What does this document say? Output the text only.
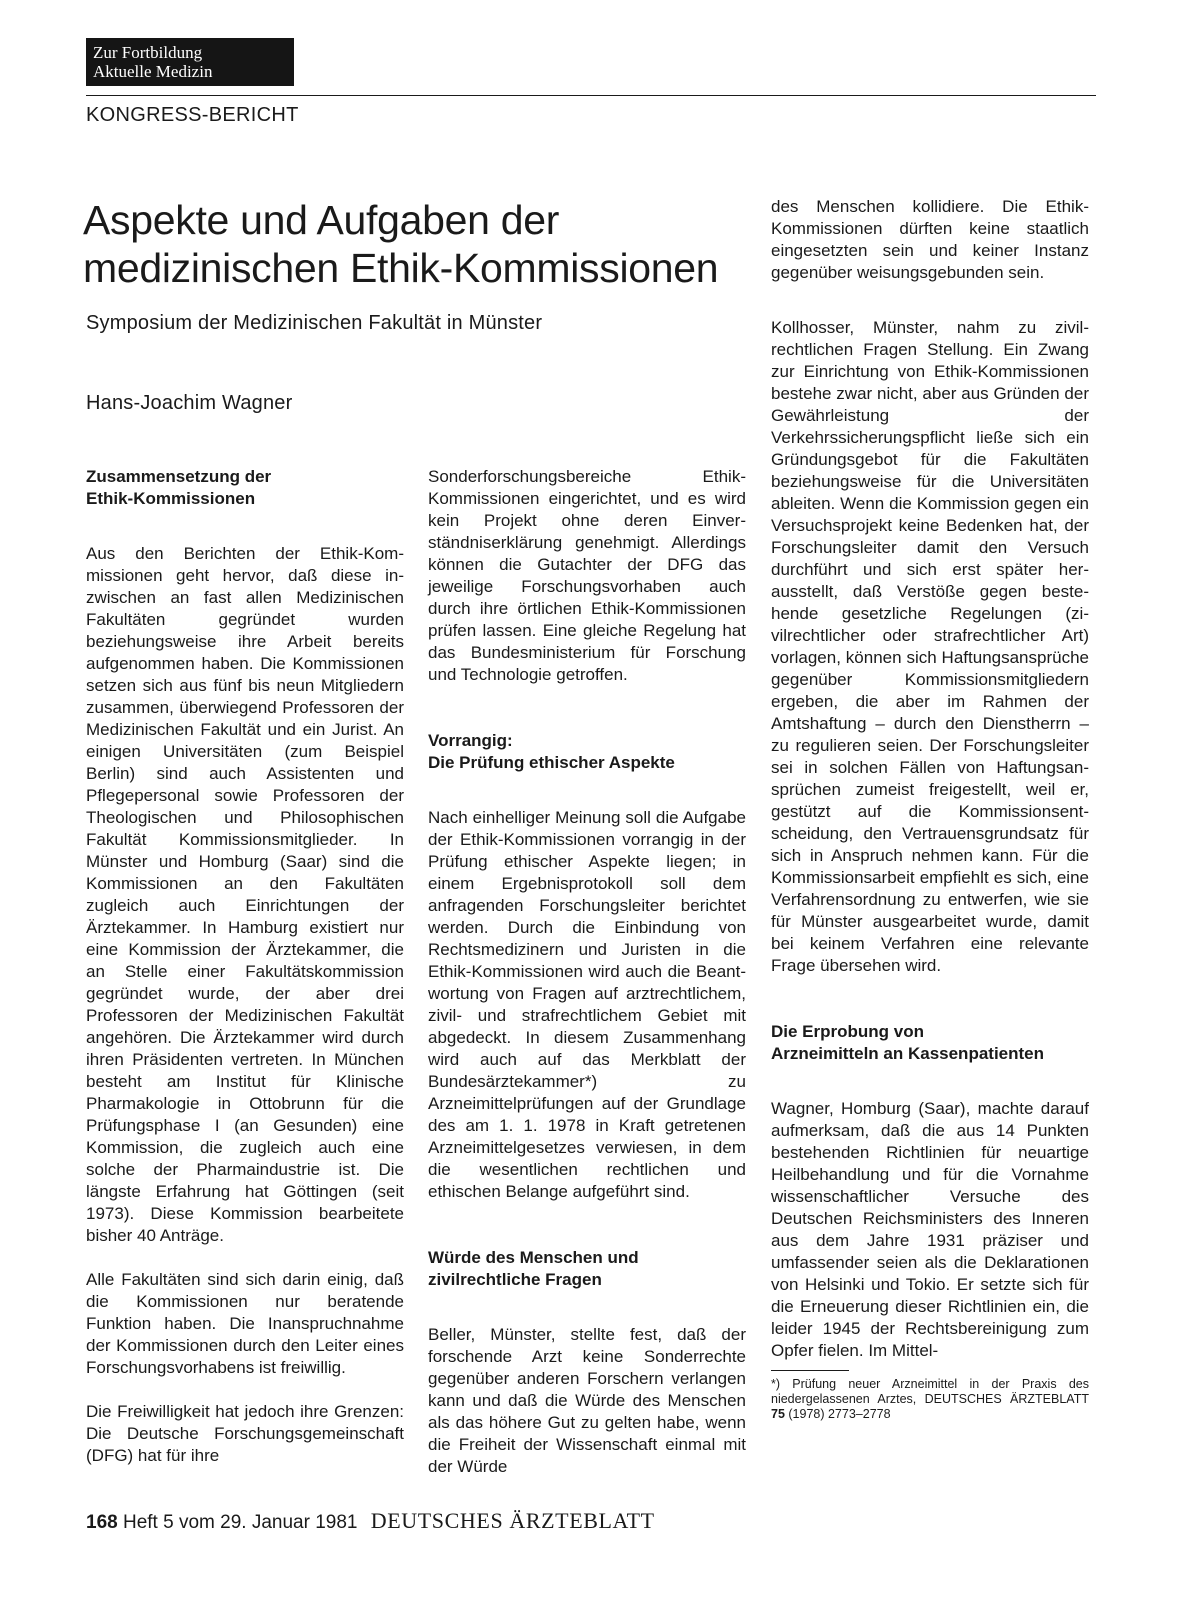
Zur Fortbildung
Aktuelle Medizin
KONGRESS-BERICHT
Aspekte und Aufgaben der
medizinischen Ethik-Kommissionen
Symposium der Medizinischen Fakultät in Münster
Hans-Joachim Wagner
Zusammensetzung der
Ethik-Kommissionen

Aus den Berichten der Ethik-Kommissionen geht hervor, daß diese inzwischen an fast allen Medizinischen Fakultäten gegründet wurden beziehungsweise ihre Arbeit bereits aufgenommen haben. Die Kommissionen setzen sich aus fünf bis neun Mitgliedern zusammen, überwiegend Professoren der Medizinischen Fakultät und ein Jurist. An einigen Universitäten (zum Beispiel Berlin) sind auch Assistenten und Pflegepersonal sowie Professoren der Theologischen und Philosophischen Fakultät Kommissionsmitglieder. In Münster und Homburg (Saar) sind die Kommissionen an den Fakultäten zugleich auch Einrichtungen der Ärztekammer. In Hamburg existiert nur eine Kommission der Ärztekammer, die an Stelle einer Fakultätskommission gegründet wurde, der aber drei Professoren der Medizinischen Fakultät angehören. Die Ärztekammer wird durch ihren Präsidenten vertreten. In München besteht am Institut für Klinische Pharmakologie in Ottobrunn für die Prüfungsphase I (an Gesunden) eine Kommission, die zugleich auch eine solche der Pharmaindustrie ist. Die längste Erfahrung hat Göttingen (seit 1973). Diese Kommission bearbeitete bisher 40 Anträge.

Alle Fakultäten sind sich darin einig, daß die Kommissionen nur beratende Funktion haben. Die Inanspruchnahme der Kommissionen durch den Leiter eines Forschungsvorhabens ist freiwillig.

Die Freiwilligkeit hat jedoch ihre Grenzen: Die Deutsche Forschungsgemeinschaft (DFG) hat für ihre

Sonderforschungsbereiche Ethik-Kommissionen eingerichtet, und es wird kein Projekt ohne deren Einverständniserklärung genehmigt. Allerdings können die Gutachter der DFG das jeweilige Forschungsvorhaben auch durch ihre örtlichen Ethik-Kommissionen prüfen lassen. Eine gleiche Regelung hat das Bundesministerium für Forschung und Technologie getroffen.

Vorrangig:
Die Prüfung ethischer Aspekte

Nach einhelliger Meinung soll die Aufgabe der Ethik-Kommissionen vorrangig in der Prüfung ethischer Aspekte liegen; in einem Ergebnisprotokoll soll dem anfragenden Forschungsleiter berichtet werden. Durch die Einbindung von Rechtsmedizinern und Juristen in die Ethik-Kommissionen wird auch die Beantwortung von Fragen auf arztrechtlichem, zivil- und strafrechtlichem Gebiet mit abgedeckt. In diesem Zusammenhang wird auch auf das Merkblatt der Bundesärztekammer*) zu Arzneimittelprüfungen auf der Grundlage des am 1. 1. 1978 in Kraft getretenen Arzneimittelgesetzes verwiesen, in dem die wesentlichen rechtlichen und ethischen Belange aufgeführt sind.

Würde des Menschen und
zivilrechtliche Fragen

Beller, Münster, stellte fest, daß der forschende Arzt keine Sonderrechte gegenüber anderen Forschern verlangen kann und daß die Würde des Menschen als das höhere Gut zu gelten habe, wenn die Freiheit der Wissenschaft einmal mit der Würde

des Menschen kollidiere. Die Ethik-Kommissionen dürften keine staatlich eingesetzten sein und keiner Instanz gegenüber weisungsgebunden sein.

Kollhosser, Münster, nahm zu zivilrechtlichen Fragen Stellung. Ein Zwang zur Einrichtung von Ethik-Kommissionen bestehe zwar nicht, aber aus Gründen der Gewährleistung der Verkehrssicherungspflicht ließe sich ein Gründungsgebot für die Fakultäten beziehungsweise für die Universitäten ableiten. Wenn die Kommission gegen ein Versuchsprojekt keine Bedenken hat, der Forschungsleiter damit den Versuch durchführt und sich erst später herausstellt, daß Verstöße gegen bestehende gesetzliche Regelungen (zivilrechtlicher oder strafrechtlicher Art) vorlagen, können sich Haftungsansprüche gegenüber Kommissionsmitgliedern ergeben, die aber im Rahmen der Amtshaftung – durch den Dienstherrn – zu regulieren seien. Der Forschungsleiter sei in solchen Fällen von Haftungsansprüchen zumeist freigestellt, weil er, gestützt auf die Kommissionsentscheidung, den Vertrauensgrundsatz für sich in Anspruch nehmen kann. Für die Kommissionsarbeit empfiehlt es sich, eine Verfahrensordnung zu entwerfen, wie sie für Münster ausgearbeitet wurde, damit bei keinem Verfahren eine relevante Frage übersehen wird.

Die Erprobung von
Arzneimitteln an Kassenpatienten

Wagner, Homburg (Saar), machte darauf aufmerksam, daß die aus 14 Punkten bestehenden Richtlinien für neuartige Heilbehandlung und für die Vornahme wissenschaftlicher Versuche des Deutschen Reichsministers des Inneren aus dem Jahre 1931 präziser und umfassender seien als die Deklarationen von Helsinki und Tokio. Er setzte sich für die Erneuerung dieser Richtlinien ein, die leider 1945 der Rechtsbereinigung zum Opfer fielen. Im Mittel-

*) Prüfung neuer Arzneimittel in der Praxis des niedergelassenen Arztes, DEUTSCHES ÄRZTEBLATT 75 (1978) 2773–2778
168 Heft 5 vom 29. Januar 1981 DEUTSCHES ÄRZTEBLATT
